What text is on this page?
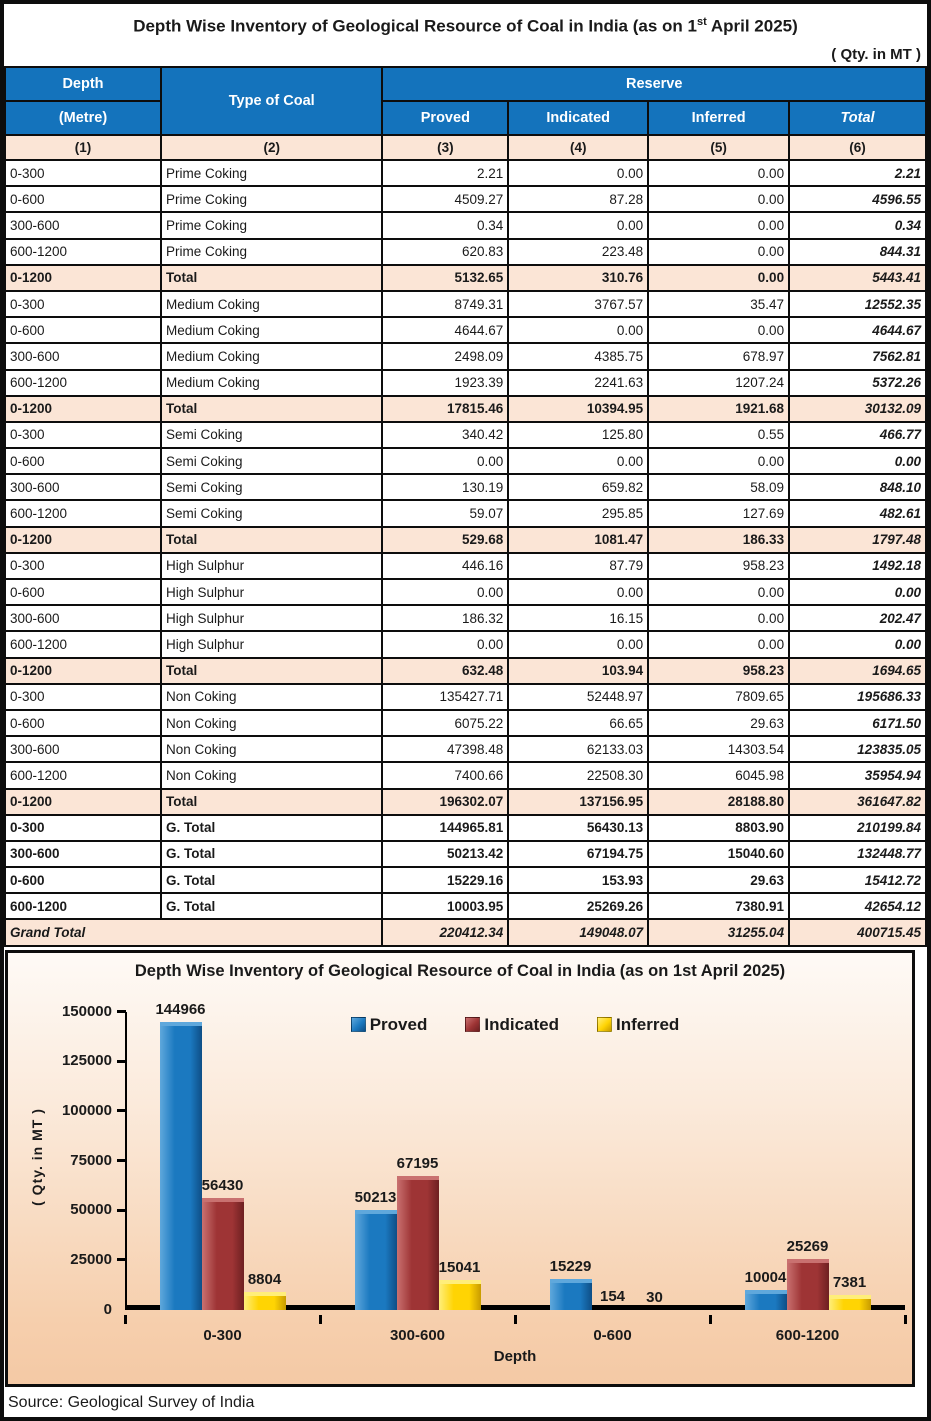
Depth Wise Inventory of Geological Resource of Coal in India (as on 1st April 2025)
( Qty. in MT )
Depth	Type of Coal	Reserve			
(Metre)		Proved	Indicated	Inferred	Total
(1)	(2)	(3)	(4)	(5)	(6)
0-300	Prime Coking	2.21	0.00	0.00	2.21
0-600	Prime Coking	4509.27	87.28	0.00	4596.55
300-600	Prime Coking	0.34	0.00	0.00	0.34
600-1200	Prime Coking	620.83	223.48	0.00	844.31
0-1200	Total	5132.65	310.76	0.00	5443.41
0-300	Medium Coking	8749.31	3767.57	35.47	12552.35
0-600	Medium Coking	4644.67	0.00	0.00	4644.67
300-600	Medium Coking	2498.09	4385.75	678.97	7562.81
600-1200	Medium Coking	1923.39	2241.63	1207.24	5372.26
0-1200	Total	17815.46	10394.95	1921.68	30132.09
0-300	Semi Coking	340.42	125.80	0.55	466.77
0-600	Semi Coking	0.00	0.00	0.00	0.00
300-600	Semi Coking	130.19	659.82	58.09	848.10
600-1200	Semi Coking	59.07	295.85	127.69	482.61
0-1200	Total	529.68	1081.47	186.33	1797.48
0-300	High Sulphur	446.16	87.79	958.23	1492.18
0-600	High Sulphur	0.00	0.00	0.00	0.00
300-600	High Sulphur	186.32	16.15	0.00	202.47
600-1200	High Sulphur	0.00	0.00	0.00	0.00
0-1200	Total	632.48	103.94	958.23	1694.65
0-300	Non Coking	135427.71	52448.97	7809.65	195686.33
0-600	Non Coking	6075.22	66.65	29.63	6171.50
300-600	Non Coking	47398.48	62133.03	14303.54	123835.05
600-1200	Non Coking	7400.66	22508.30	6045.98	35954.94
0-1200	Total	196302.07	137156.95	28188.80	361647.82
0-300	G. Total	144965.81	56430.13	8803.90	210199.84
300-600	G. Total	50213.42	67194.75	15040.60	132448.77
0-600	G. Total	15229.16	153.93	29.63	15412.72
600-1200	G. Total	10003.95	25269.26	7380.91	42654.12
Grand Total		220412.34	149048.07	31255.04	400715.45
Depth Wise Inventory of Geological Resource of Coal in India (as on 1st April 2025)
( Qty. in MT )
Proved	Indicated	Inferred
Depth
0
25000
50000
75000
100000
125000
150000
0-300	300-600	0-600	600-1200
144966
50213
15229
10004
56430
67195
154
25269
8804
15041
30
7381
Source: Geological Survey of India
